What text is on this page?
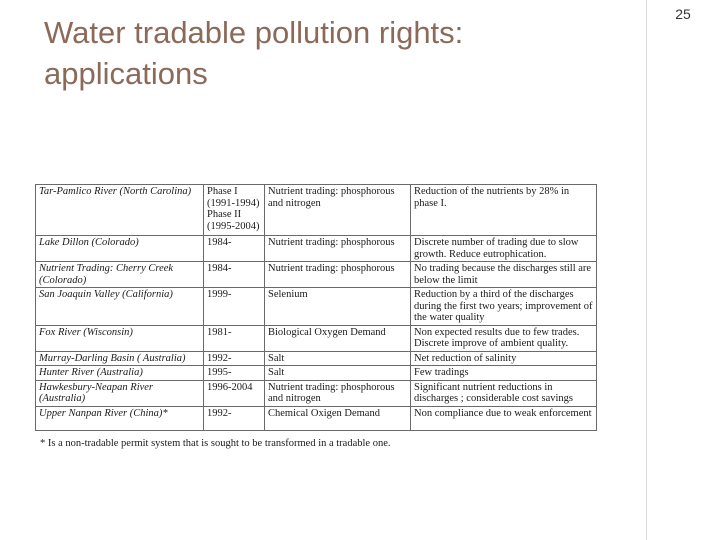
25
Water tradable pollution rights:
applications
Tar-Pamlico River (North Carolina)	Phase I (1991-1994) Phase II (1995-2004)	Nutrient trading: phosphorous and nitrogen	Reduction of the nutrients by 28% in phase I.
Lake Dillon (Colorado)	1984-	Nutrient trading: phosphorous	Discrete number of trading due to slow growth. Reduce eutrophication.
Nutrient Trading: Cherry Creek (Colorado)	1984-	Nutrient trading: phosphorous	No trading because the discharges still are below the limit
San Joaquin Valley (California)	1999-	Selenium	Reduction by a third of the discharges during the first two years; improvement of the water quality
Fox River (Wisconsin)	1981-	Biological Oxygen Demand	Non expected results due to few trades. Discrete improve of ambient quality.
Murray-Darling Basin ( Australia)	1992-	Salt	Net reduction of salinity
Hunter River (Australia)	1995-	Salt	Few tradings
Hawkesbury-Neapan River (Australia)	1996-2004	Nutrient trading: phosphorous and nitrogen	Significant nutrient reductions in discharges ; considerable cost savings
Upper Nanpan River (China)*	1992-	Chemical Oxigen Demand	Non compliance due to weak enforcement
* Is a non-tradable permit system that is sought to be transformed in a tradable one.
